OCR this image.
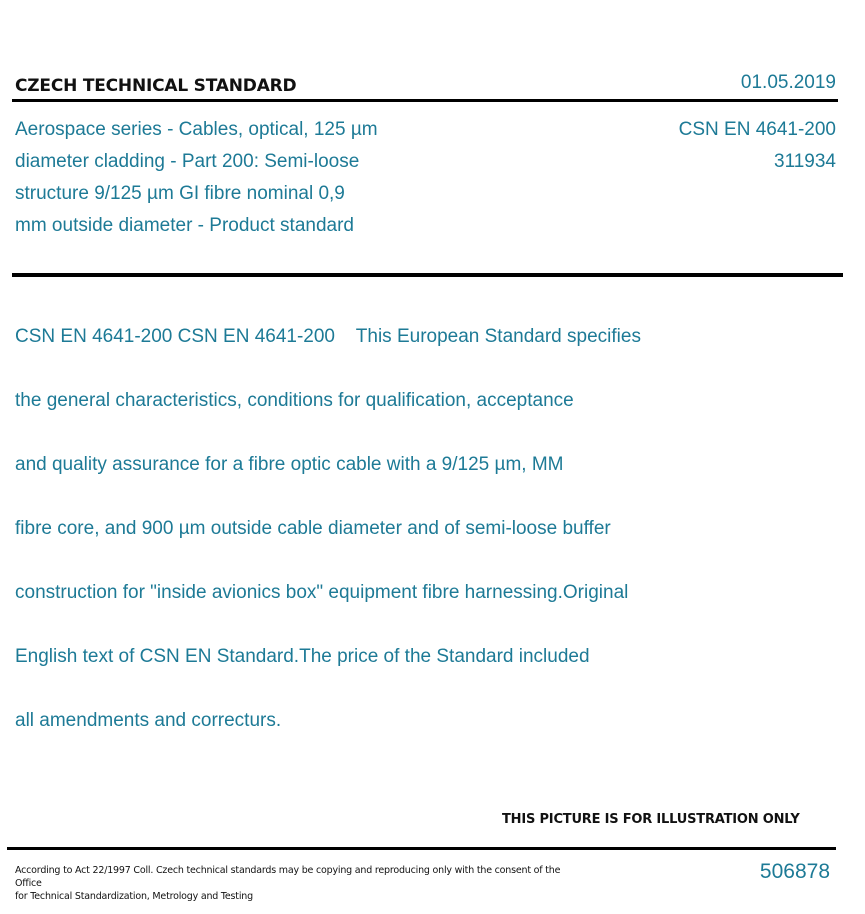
CZECH TECHNICAL STANDARD	01.05.2019
Aerospace series - Cables, optical, 125 µm
diameter cladding - Part 200: Semi-loose
structure 9/125 µm GI fibre nominal 0,9
mm outside diameter - Product standard
CSN EN 4641-200
311934

CSN EN 4641-200 CSN EN 4641-200    This European Standard specifies

the general characteristics, conditions for qualification, acceptance

and quality assurance for a fibre optic cable with a 9/125 µm, MM

fibre core, and 900 µm outside cable diameter and of semi-loose buffer

construction for "inside avionics box" equipment fibre harnessing.Original

English text of CSN EN Standard.The price of the Standard included

all amendments and correcturs.

THIS PICTURE IS FOR ILLUSTRATION ONLY
According to Act 22/1997 Coll. Czech technical standards may be copying and reproducing only with the consent of the Office
for Technical Standardization, Metrology and Testing
506878
